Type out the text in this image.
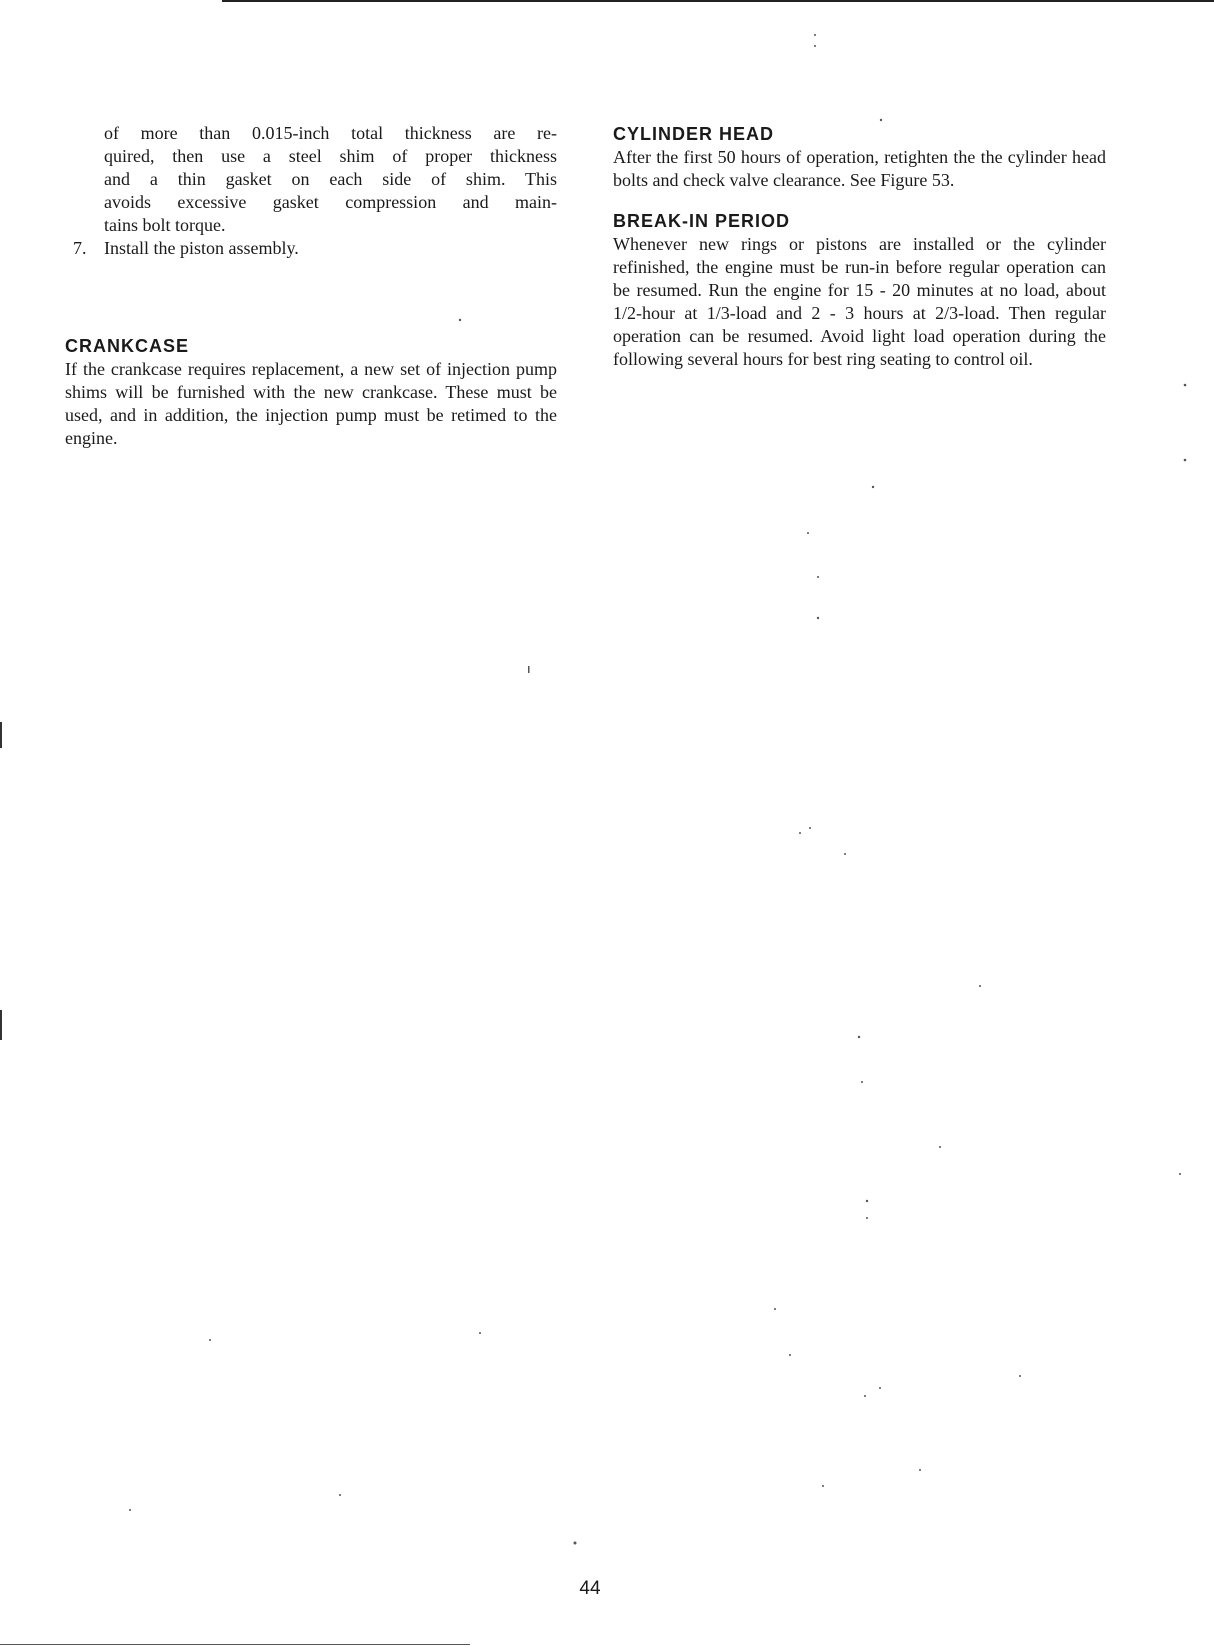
of more than 0.015-inch total thickness are re-

quired, then use a steel shim of proper thickness

and a thin gasket on each side of shim. This

avoids excessive gasket compression and main-

tains bolt torque.

7. Install the piston assembly.
CRANKCASE

If the crankcase requires replacement, a new set of injection pump shims will be furnished with the new crankcase. These must be used, and in addition, the injection pump must be retimed to the engine.

CYLINDER HEAD

After the first 50 hours of operation, retighten the the cylinder head bolts and check valve clearance. See Figure 53.

BREAK-IN PERIOD

Whenever new rings or pistons are installed or the cylinder refinished, the engine must be run-in before regular operation can be resumed. Run the engine for 15 - 20 minutes at no load, about 1/2-hour at 1/3-load and 2 - 3 hours at 2/3-load. Then regular operation can be resumed. Avoid light load operation during the following several hours for best ring seating to control oil.

44
